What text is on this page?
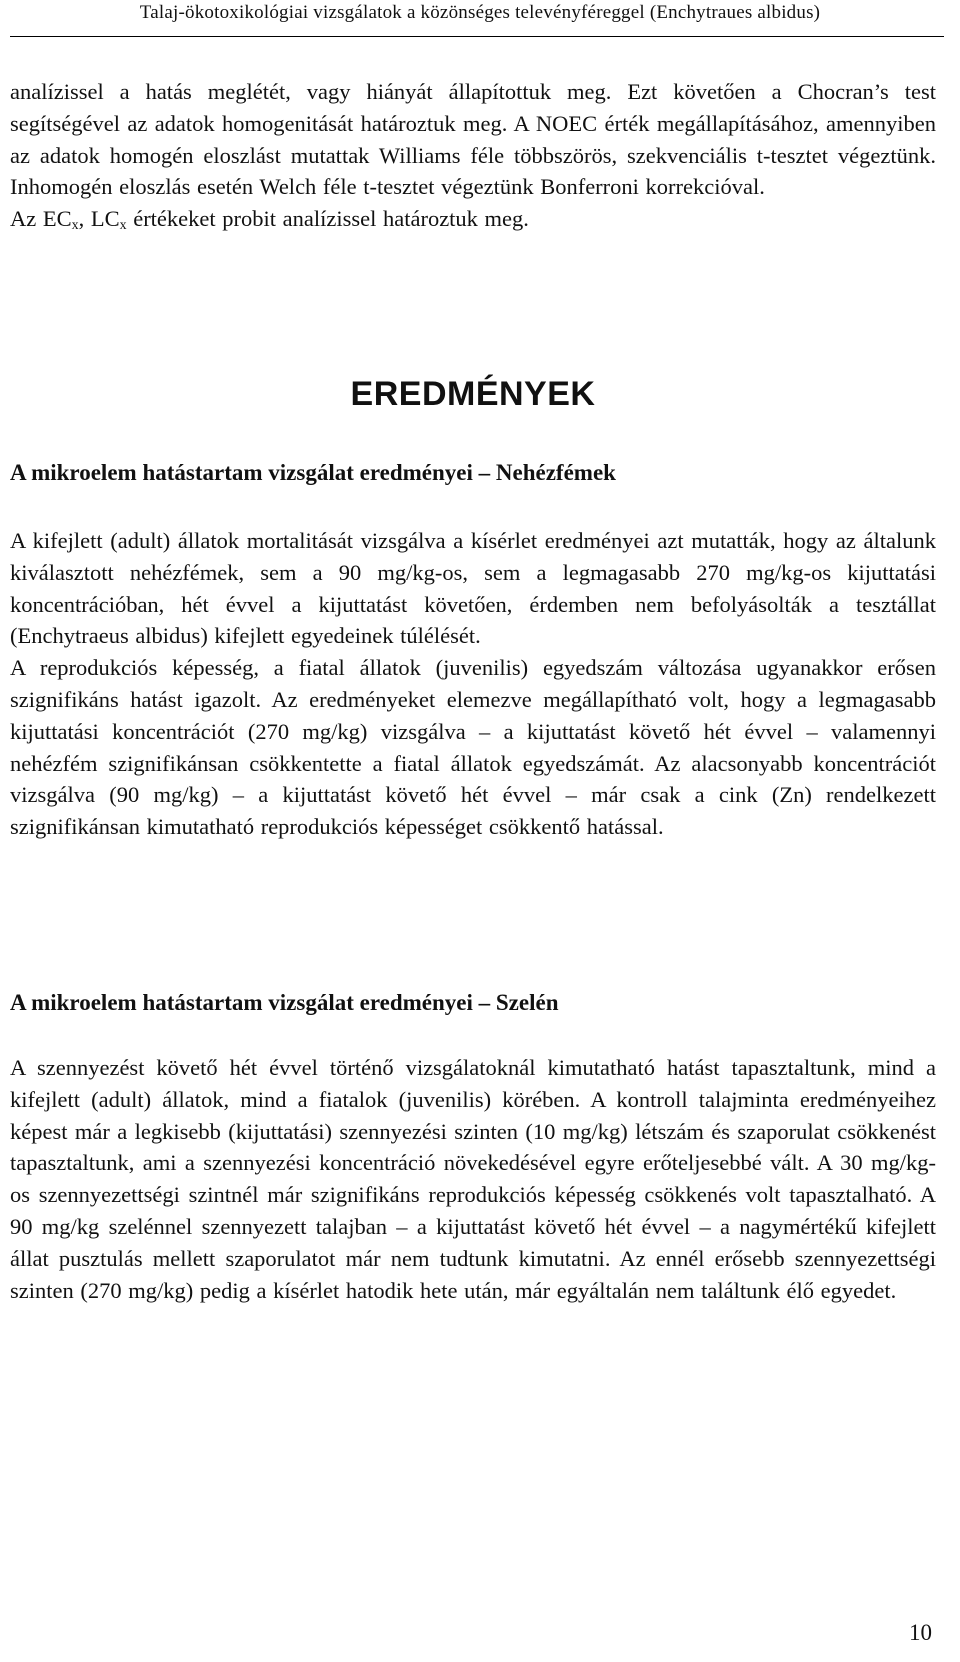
Talaj-ökotoxikológiai vizsgálatok a közönséges televényféreggel (Enchytraues albidus)

analízissel a hatás meglétét, vagy hiányát állapítottuk meg. Ezt követően a Chocran’s test segítségével az adatok homogenitását határoztuk meg. A NOEC érték megállapításához, amennyiben az adatok homogén eloszlást mutattak Williams féle többszörös, szekvenciális t-tesztet végeztünk. Inhomogén eloszlás esetén Welch féle t-tesztet végeztünk Bonferroni korrekcióval.
Az $EC_x$, $LC_x$ értékeket probit analízissel határoztuk meg.

EREDMÉNYEK
A mikroelem hatástartam vizsgálat eredményei – Nehézfémek

A kifejlett (adult) állatok mortalitását vizsgálva a kísérlet eredményei azt mutatták, hogy az általunk kiválasztott nehézfémek, sem a 90 mg/kg-os, sem a legmagasabb 270 mg/kg-os kijuttatási koncentrációban, hét évvel a kijuttatást követően, érdemben nem befolyásolták a tesztállat (Enchytraeus albidus) kifejlett egyedeinek túlélését.

A reprodukciós képesség, a fiatal állatok (juvenilis) egyedszám változása ugyanakkor erősen szignifikáns hatást igazolt. Az eredményeket elemezve megállapítható volt, hogy a legmagasabb kijuttatási koncentrációt (270 mg/kg) vizsgálva – a kijuttatást követő hét évvel – valamennyi nehézfém szignifikánsan csökkentette a fiatal állatok egyedszámát. Az alacsonyabb koncentrációt vizsgálva (90 mg/kg) – a kijuttatást követő hét évvel – már csak a cink (Zn) rendelkezett szignifikánsan kimutatható reprodukciós képességet csökkentő hatással.

A mikroelem hatástartam vizsgálat eredményei – Szelén

A szennyezést követő hét évvel történő vizsgálatoknál kimutatható hatást tapasztaltunk, mind a kifejlett (adult) állatok, mind a fiatalok (juvenilis) körében. A kontroll talajminta eredményeihez képest már a legkisebb (kijuttatási) szennyezési szinten (10 mg/kg) létszám és szaporulat csökkenést tapasztaltunk, ami a szennyezési koncentráció növekedésével egyre erőteljesebbé vált. A 30 mg/kg-os szennyezettségi szintnél már szignifikáns reprodukciós képesség csökkenés volt tapasztalható. A 90 mg/kg szelénnel szennyezett talajban – a kijuttatást követő hét évvel – a nagymértékű kifejlett állat pusztulás mellett szaporulatot már nem tudtunk kimutatni. Az ennél erősebb szennyezettségi szinten (270 mg/kg) pedig a kísérlet hatodik hete után, már egyáltalán nem találtunk élő egyedet.

10
